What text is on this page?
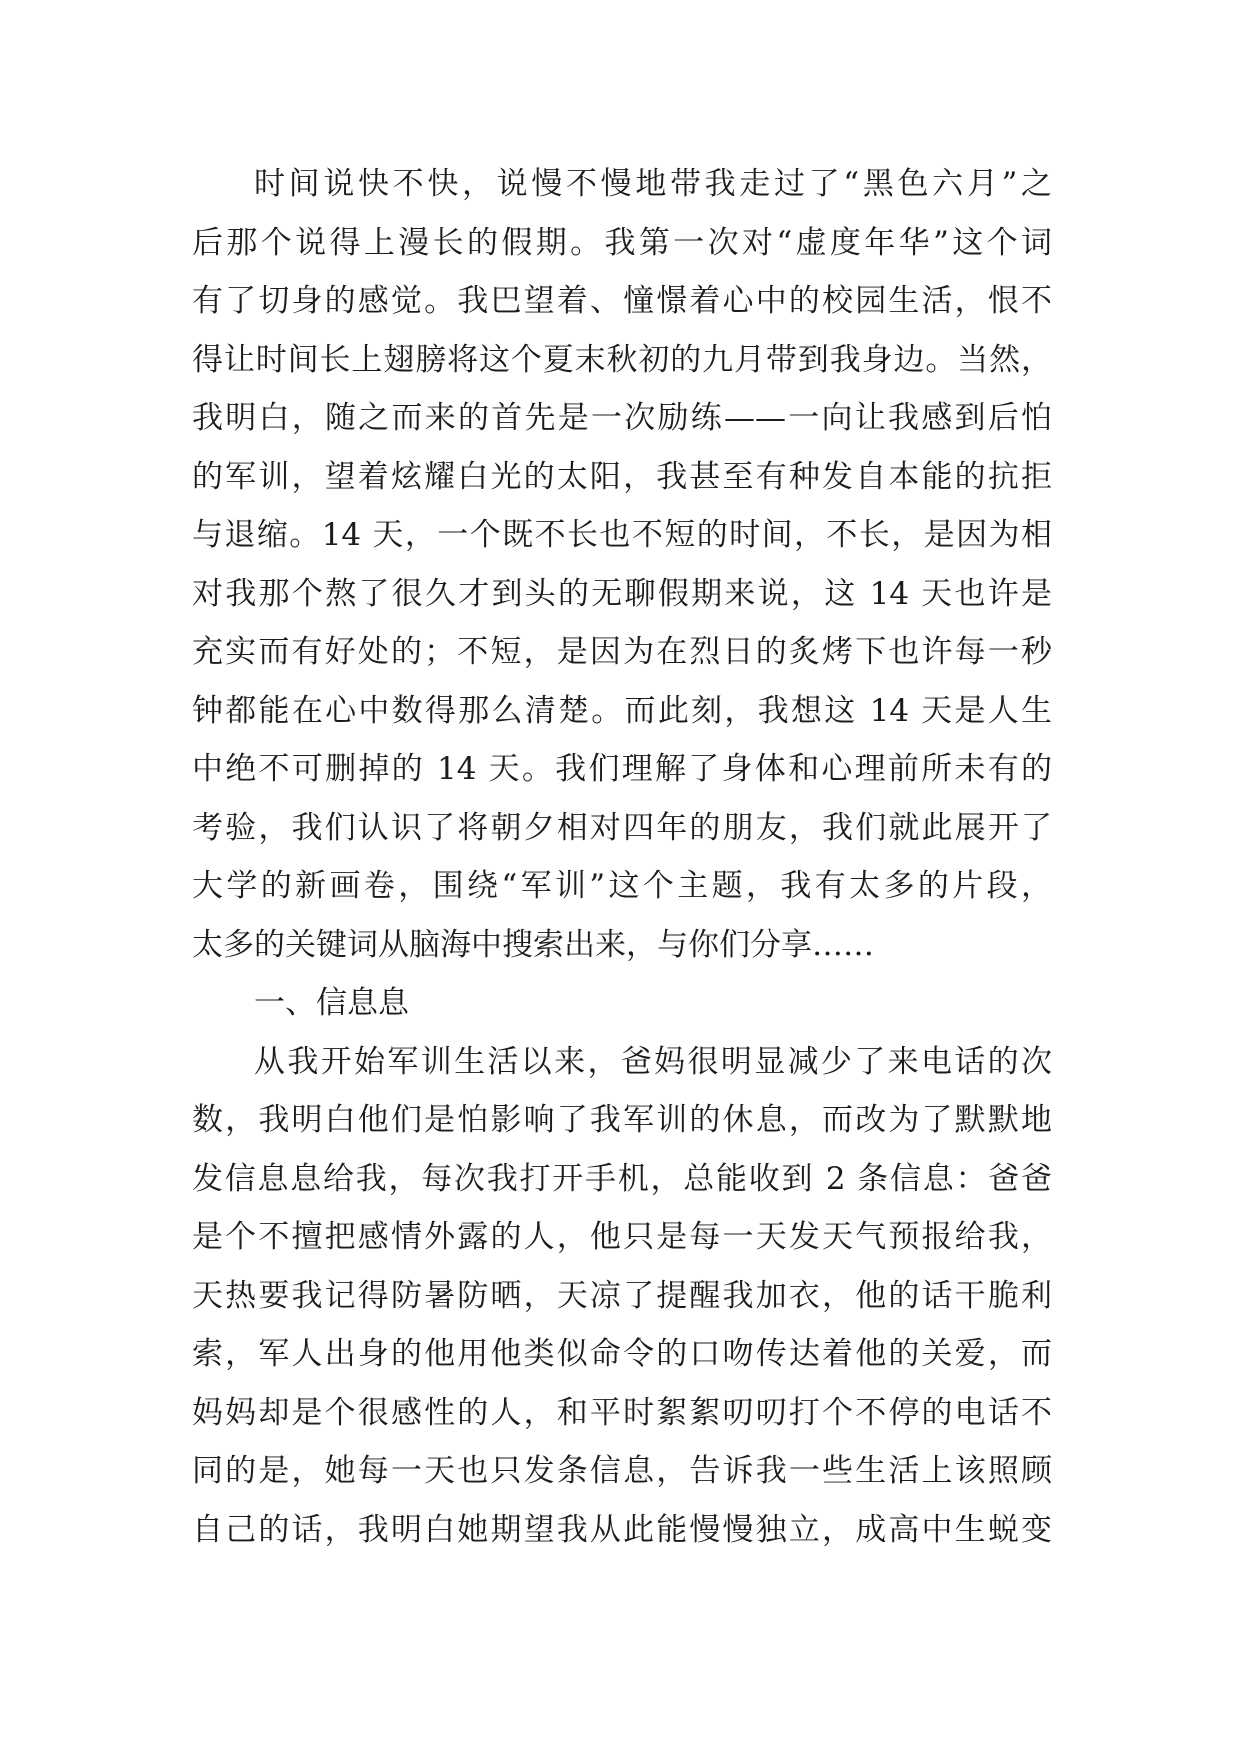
时间说快不快，说慢不慢地带我走过了“黑色六月”之
后那个说得上漫长的假期。我第一次对“虚度年华”这个词
有了切身的感觉。我巴望着、憧憬着心中的校园生活，恨不
得让时间长上翅膀将这个夏末秋初的九月带到我身边。当然，
我明白，随之而来的首先是一次励练——一向让我感到后怕
的军训，望着炫耀白光的太阳，我甚至有种发自本能的抗拒
与退缩。14 天，一个既不长也不短的时间，不长，是因为相
对我那个熬了很久才到头的无聊假期来说，这 14 天也许是
充实而有好处的；不短，是因为在烈日的炙烤下也许每一秒
钟都能在心中数得那么清楚。而此刻，我想这 14 天是人生
中绝不可删掉的 14 天。我们理解了身体和心理前所未有的
考验，我们认识了将朝夕相对四年的朋友，我们就此展开了
大学的新画卷，围绕“军训”这个主题，我有太多的片段，
太多的关键词从脑海中搜索出来，与你们分享……
一、信息息
从我开始军训生活以来，爸妈很明显减少了来电话的次
数，我明白他们是怕影响了我军训的休息，而改为了默默地
发信息息给我，每次我打开手机，总能收到 2 条信息：爸爸
是个不擅把感情外露的人，他只是每一天发天气预报给我，
天热要我记得防暑防晒，天凉了提醒我加衣，他的话干脆利
索，军人出身的他用他类似命令的口吻传达着他的关爱，而
妈妈却是个很感性的人，和平时絮絮叨叨打个不停的电话不
同的是，她每一天也只发条信息，告诉我一些生活上该照顾
自己的话，我明白她期望我从此能慢慢独立，成高中生蜕变
